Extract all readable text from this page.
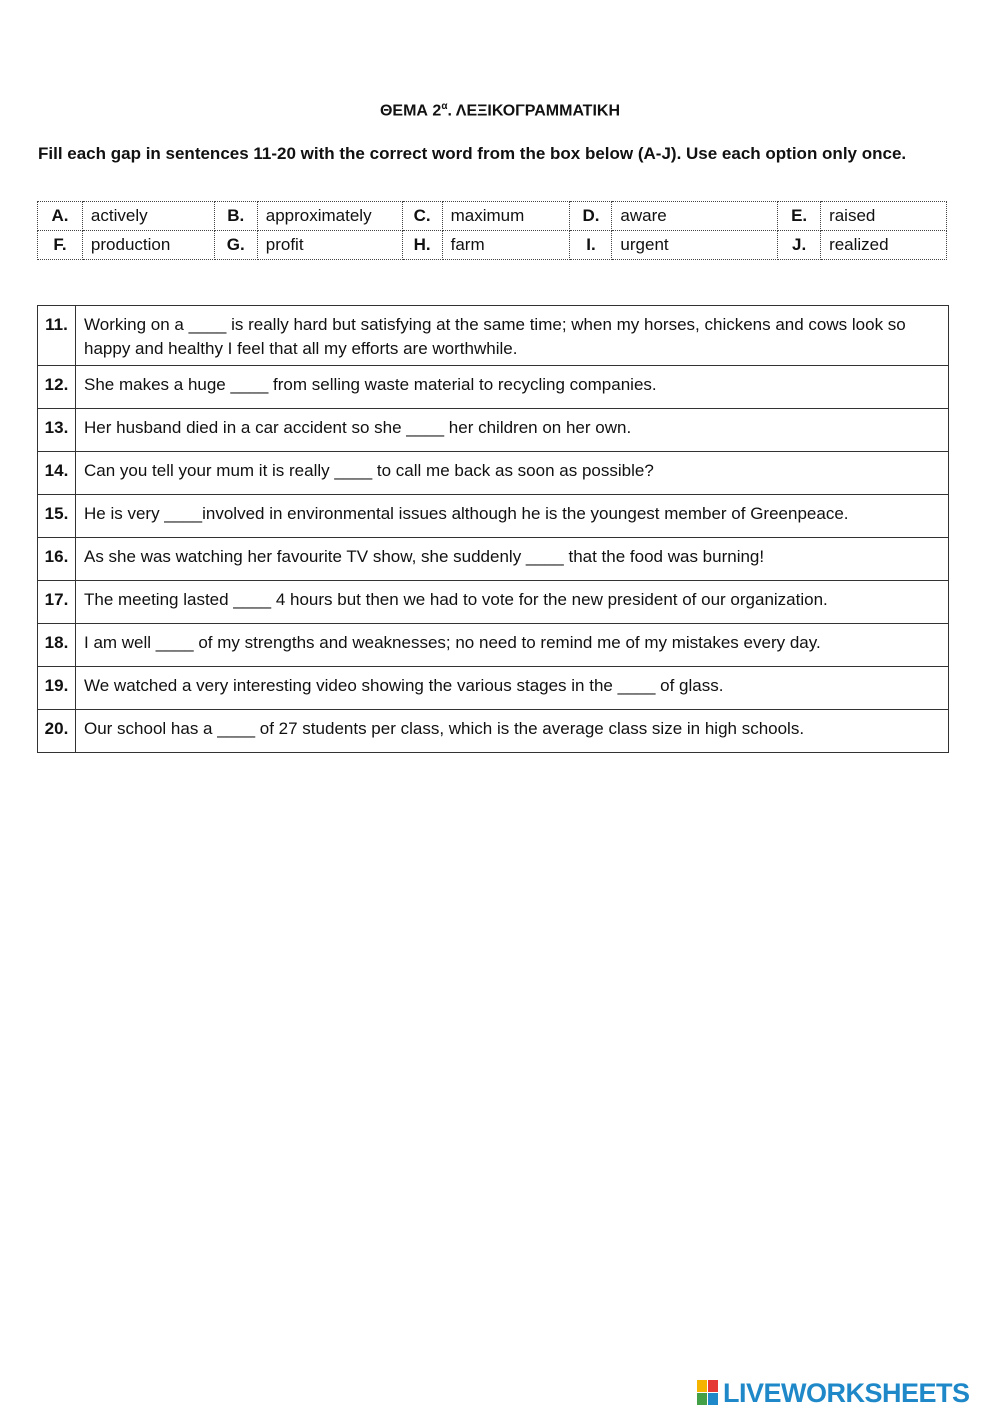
ΘΕΜΑ $2^\alpha$. ΛΕΞΙΚΟΓΡΑΜΜΑΤΙΚΗ
Fill each gap in sentences 11-20 with the correct word from the box below (A-J). Use each option only once.
A.	actively	B.	approximately	C.	maximum	D.	aware	E.	raised
F.	production	G.	profit	H.	farm	I.	urgent	J.	realized
11.	Working on a ____ is really hard but satisfying at the same time; when my horses, chickens and cows look so happy and healthy I feel that all my efforts are worthwhile.
12.	She makes a huge ____ from selling waste material to recycling companies.
13.	Her husband died in a car accident so she ____ her children on her own.
14.	Can you tell your mum it is really ____ to call me back as soon as possible?
15.	He is very ____involved in environmental issues although he is the youngest member of Greenpeace.
16.	As she was watching her favourite TV show, she suddenly ____ that the food was burning!
17.	The meeting lasted ____ 4 hours but then we had to vote for the new president of our organization.
18.	I am well ____ of my strengths and weaknesses; no need to remind me of my mistakes every day.
19.	We watched a very interesting video showing the various stages in the ____ of glass.
20.	Our school has a ____ of 27 students per class, which is the average class size in high schools.
LIVEWORKSHEETS
